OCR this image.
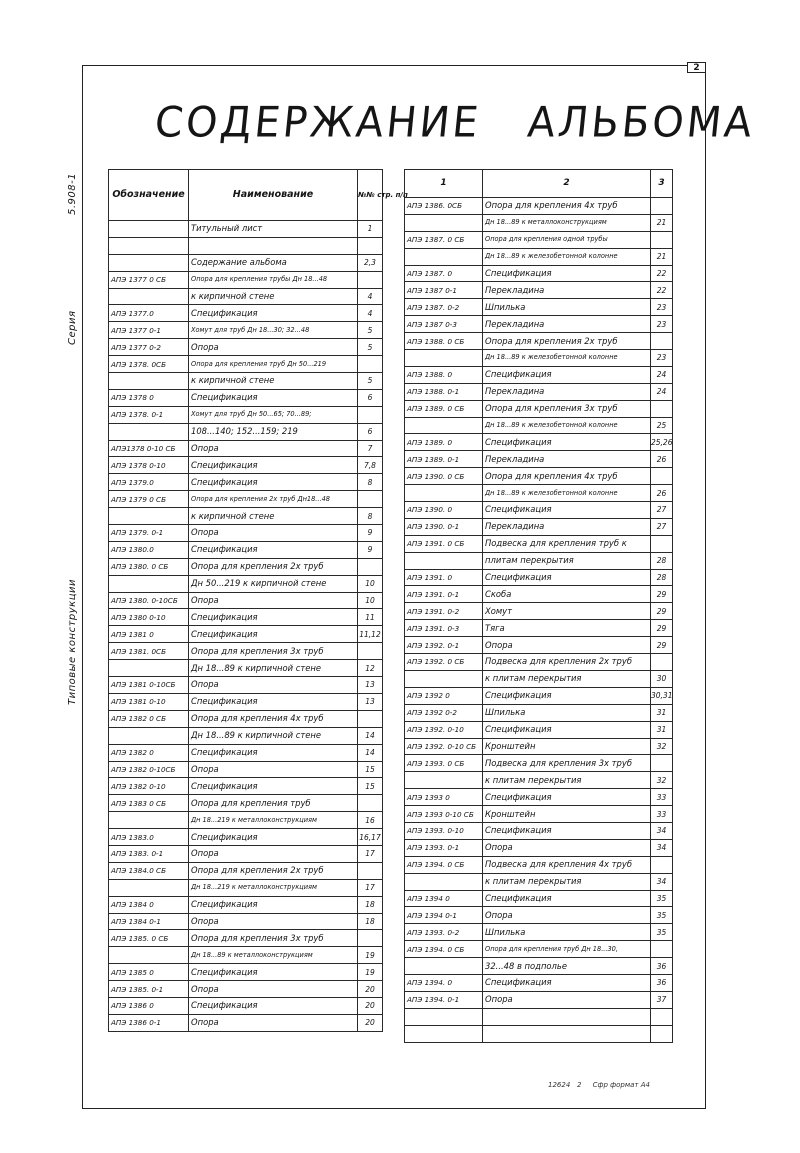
2
Типовые конструкции
Серия
5.908-1
СОДЕРЖАНИЕ   АЛЬБОМА
Обозначение	Наименование	№№ стр. п/п
	Титульный лист	1

	Содержание альбома	2,3
АПЭ 1377 0 СБ	Опора для крепления трубы Дн 18...48	
	к кирпичной стене	4
АПЭ 1377.0	Спецификация	4
АПЭ 1377 0-1	Хомут для труб Дн 18...30; 32...48	5
АПЭ 1377 0-2	Опора	5
АПЭ 1378. 0СБ	Опора для крепления труб Дн 50...219	
	к кирпичной стене	5
АПЭ 1378 0	Спецификация	6
АПЭ 1378. 0-1	Хомут для труб Дн 50...65; 70...89;	
	108...140; 152...159; 219	6
АПЭ1378 0-10 СБ	Опора	7
АПЭ 1378 0-10	Спецификация	7,8
АПЭ 1379.0	Спецификация	8
АПЭ 1379 0 СБ	Опора для крепления 2х труб Дн18...48	
	к кирпичной стене	8
АПЭ 1379. 0-1	Опора	9
АПЭ 1380.0	Спецификация	9
АПЭ 1380. 0 СБ	Опора для крепления 2х труб	
	Дн 50...219 к кирпичной стене	10
АПЭ 1380. 0-10СБ	Опора	10
АПЭ 1380 0-10	Спецификация	11
АПЭ 1381 0	Спецификация	11,12
АПЭ 1381. 0СБ	Опора для крепления 3х труб	
	Дн 18...89 к кирпичной стене	12
АПЭ 1381 0-10СБ	Опора	13
АПЭ 1381 0-10	Спецификация	13
АПЭ 1382 0 СБ	Опора для крепления 4х труб	
	Дн 18...89 к кирпичной стене	14
АПЭ 1382 0	Спецификация	14
АПЭ 1382 0-10СБ	Опора	15
АПЭ 1382 0-10	Спецификация	15
АПЭ 1383 0 СБ	Опора для крепления труб	
	Дн 18...219 к металлоконструкциям	16
АПЭ 1383.0	Спецификация	16,17
АПЭ 1383. 0-1	Опора	17
АПЭ 1384.0 СБ	Опора для крепления 2х труб	
	Дн 18...219 к металлоконструкциям	17
АПЭ 1384 0	Спецификация	18
АПЭ 1384 0-1	Опора	18
АПЭ 1385. 0 СБ	Опора для крепления 3х труб	
	Дн 18...89 к металлоконструкциям	19
АПЭ 1385 0	Спецификация	19
АПЭ 1385. 0-1	Опора	20
АПЭ 1386 0	Спецификация	20
АПЭ 1386 0-1	Опора	20
1	2	3
АПЭ 1386. 0СБ	Опора для крепления 4х труб	
	Дн 18...89 к металлоконструкциям	21
АПЭ 1387. 0 СБ	Опора для крепления одной трубы	
	Дн 18...89 к железобетонной колонне	21
АПЭ 1387. 0	Спецификация	22
АПЭ 1387 0-1	Перекладина	22
АПЭ 1387. 0-2	Шпилька	23
АПЭ 1387 0-3	Перекладина	23
АПЭ 1388. 0 СБ	Опора для крепления 2х труб	
	Дн 18...89 к железобетонной колонне	23
АПЭ 1388. 0	Спецификация	24
АПЭ 1388. 0-1	Перекладина	24
АПЭ 1389. 0 СБ	Опора для крепления 3х труб	
	Дн 18...89 к железобетонной колонне	25
АПЭ 1389. 0	Спецификация	25,26
АПЭ 1389. 0-1	Перекладина	26
АПЭ 1390. 0 СБ	Опора для крепления 4х труб	
	Дн 18...89 к железобетонной колонне	26
АПЭ 1390. 0	Спецификация	27
АПЭ 1390. 0-1	Перекладина	27
АПЭ 1391. 0 СБ	Подвеска для крепления труб к	
	плитам перекрытия	28
АПЭ 1391. 0	Спецификация	28
АПЭ 1391. 0-1	Скоба	29
АПЭ 1391. 0-2	Хомут	29
АПЭ 1391. 0-3	Тяга	29
АПЭ 1392. 0-1	Опора	29
АПЭ 1392. 0 СБ	Подвеска для крепления 2х труб	
	к плитам перекрытия	30
АПЭ 1392 0	Спецификация	30,31
АПЭ 1392 0-2	Шпилька	31
АПЭ 1392. 0-10	Спецификация	31
АПЭ 1392. 0-10 СБ	Кронштейн	32
АПЭ 1393. 0 СБ	Подвеска для крепления 3х труб	
	к плитам перекрытия	32
АПЭ 1393 0	Спецификация	33
АПЭ 1393 0-10 СБ	Кронштейн	33
АПЭ 1393. 0-10	Спецификация	34
АПЭ 1393. 0-1	Опора	34
АПЭ 1394. 0 СБ	Подвеска для крепления 4х труб	
	к плитам перекрытия	34
АПЭ 1394 0	Спецификация	35
АПЭ 1394 0-1	Опора	35
АПЭ 1393. 0-2	Шпилька	35
АПЭ 1394. 0 СБ	Опора для крепления труб Дн 18...30,	
	32...48 в подполье	36
АПЭ 1394. 0	Спецификация	36
АПЭ 1394. 0-1	Опора	37

12624 2 Сфр формат А4
